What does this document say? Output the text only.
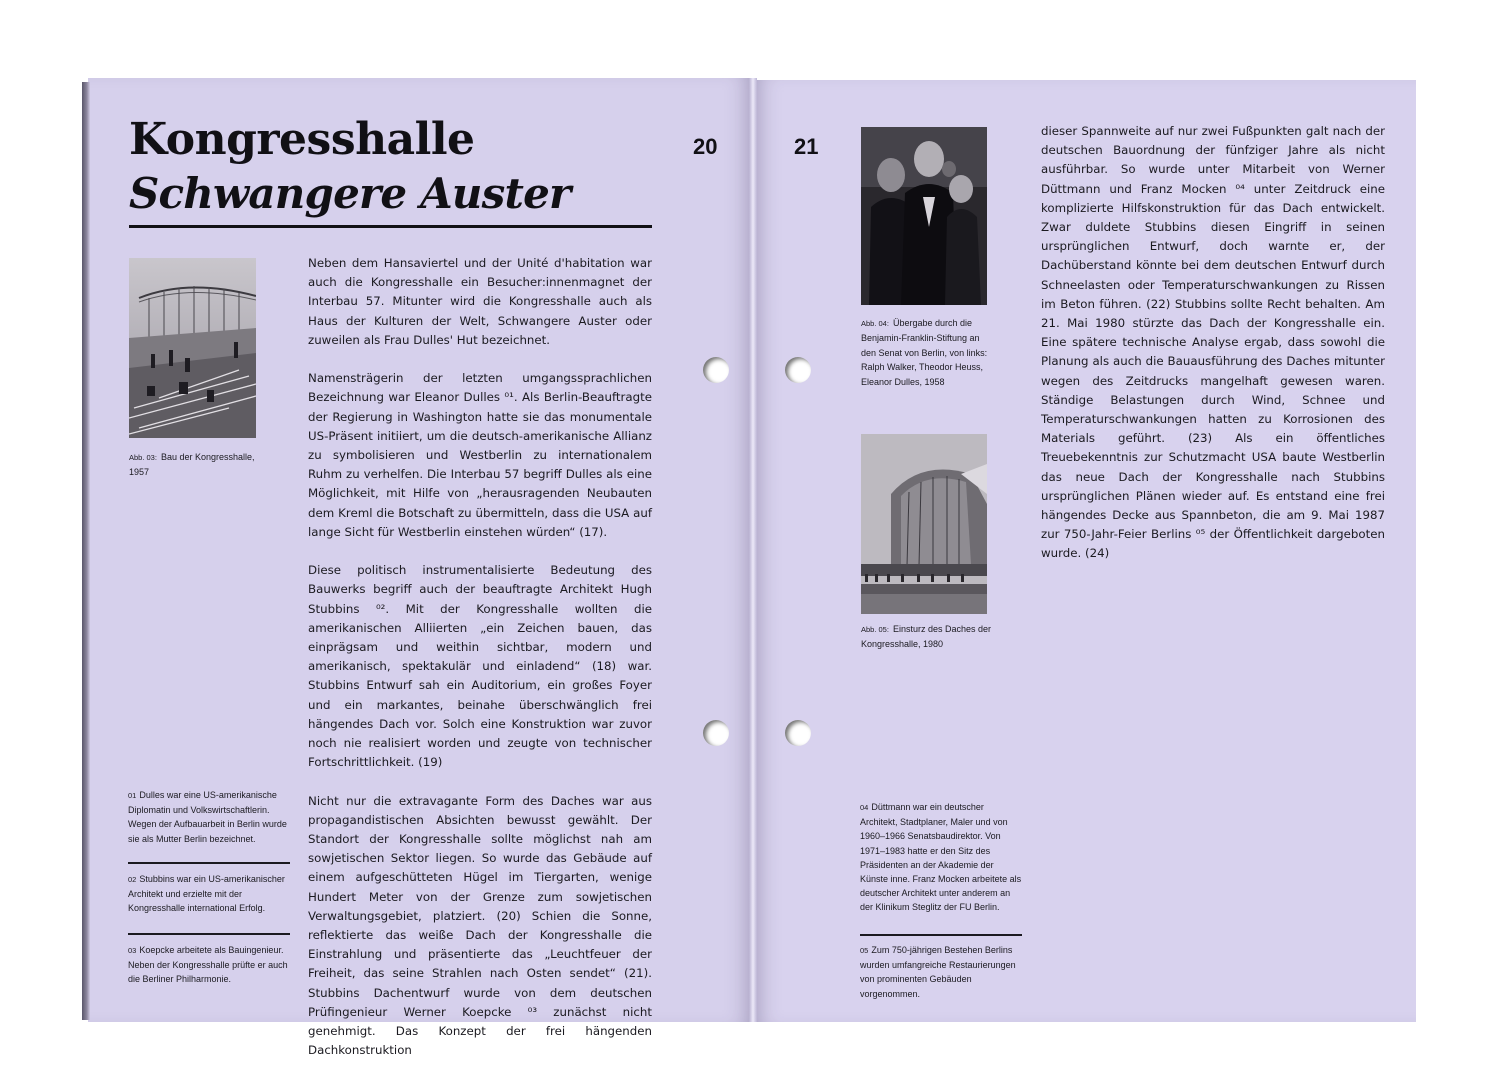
Kongresshalle
Schwangere Auster
20	21

Abb. 03: Bau der Kongresshalle, 1957

Neben dem Hansaviertel und der Unité d'habitation war auch die Kongresshalle ein Besucher:innenmagnet der Interbau 57. Mitunter wird die Kongresshalle auch als Haus der Kulturen der Welt, Schwangere Auster oder zuweilen als Frau Dulles' Hut bezeichnet.

Namensträgerin der letzten umgangssprachlichen Bezeichnung war Eleanor Dulles ⁰¹. Als Berlin-Beauftragte der Regierung in Washington hatte sie das monumentale US-Präsent initiiert, um die deutsch-amerikanische Allianz zu symbolisieren und Westberlin zu internationalem Ruhm zu verhelfen. Die Interbau 57 begriff Dulles als eine Möglichkeit, mit Hilfe von „herausragenden Neubauten dem Kreml die Botschaft zu übermitteln, dass die USA auf lange Sicht für Westberlin einstehen würden“ (17).

Diese politisch instrumentalisierte Bedeutung des Bauwerks begriff auch der beauftragte Architekt Hugh Stubbins ⁰². Mit der Kongresshalle wollten die amerikanischen Alliierten „ein Zeichen bauen, das einprägsam und weithin sichtbar, modern und amerikanisch, spektakulär und einladend“ (18) war. Stubbins Entwurf sah ein Auditorium, ein großes Foyer und ein markantes, beinahe überschwänglich frei hängendes Dach vor. Solch eine Konstruktion war zuvor noch nie realisiert worden und zeugte von technischer Fortschrittlichkeit. (19)

Nicht nur die extravagante Form des Daches war aus propagandistischen Absichten bewusst gewählt. Der Standort der Kongresshalle sollte möglichst nah am sowjetischen Sektor liegen. So wurde das Gebäude auf einem aufgeschütteten Hügel im Tiergarten, wenige Hundert Meter von der Grenze zum sowjetischen Verwaltungsgebiet, platziert. (20) Schien die Sonne, reflektierte das weiße Dach der Kongresshalle die Einstrahlung und präsentierte das „Leuchtfeuer der Freiheit, das seine Strahlen nach Osten sendet“ (21). Stubbins Dachentwurf wurde von dem deutschen Prüfingenieur Werner Koepcke ⁰³ zunächst nicht genehmigt. Das Konzept der frei hängenden Dachkonstruktion

01 Dulles war eine US-amerikanische Diplomatin und Volkswirtschaftlerin. Wegen der Aufbauarbeit in Berlin wurde sie als Mutter Berlin bezeichnet.

02 Stubbins war ein US-amerikanischer Architekt und erzielte mit der Kongresshalle international Erfolg.

03 Koepcke arbeitete als Bauingenieur. Neben der Kongresshalle prüfte er auch die Berliner Philharmonie.

Abb. 04: Übergabe durch die Benjamin-Franklin-Stiftung an den Senat von Berlin, von links: Ralph Walker, Theodor Heuss, Eleanor Dulles, 1958

Abb. 05: Einsturz des Daches der Kongresshalle, 1980

04 Düttmann war ein deutscher Architekt, Stadtplaner, Maler und von 1960–1966 Senatsbaudirektor. Von 1971–1983 hatte er den Sitz des Präsidenten an der Akademie der Künste inne. Franz Mocken arbeitete als deutscher Architekt unter anderem an der Klinikum Steglitz der FU Berlin.

05 Zum 750-jährigen Bestehen Berlins wurden umfangreiche Restaurierungen von prominenten Gebäuden vorgenommen.

dieser Spannweite auf nur zwei Fußpunkten galt nach der deutschen Bauordnung der fünfziger Jahre als nicht ausführbar. So wurde unter Mitarbeit von Werner Düttmann und Franz Mocken ⁰⁴ unter Zeitdruck eine komplizierte Hilfskonstruktion für das Dach entwickelt. Zwar duldete Stubbins diesen Eingriff in seinen ursprünglichen Entwurf, doch warnte er, der Dachüberstand könnte bei dem deutschen Entwurf durch Schneelasten oder Temperaturschwankungen zu Rissen im Beton führen. (22) Stubbins sollte Recht behalten. Am 21. Mai 1980 stürzte das Dach der Kongresshalle ein. Eine spätere technische Analyse ergab, dass sowohl die Planung als auch die Bauausführung des Daches mitunter wegen des Zeitdrucks mangelhaft gewesen waren. Ständige Belastungen durch Wind, Schnee und Temperaturschwankungen hatten zu Korrosionen des Materials geführt. (23) Als ein öffentliches Treuebekenntnis zur Schutzmacht USA baute Westberlin das neue Dach der Kongresshalle nach Stubbins ursprünglichen Plänen wieder auf. Es entstand eine frei hängendes Decke aus Spannbeton, die am 9. Mai 1987 zur 750-Jahr-Feier Berlins ⁰⁵ der Öffentlichkeit dargeboten wurde. (24)
